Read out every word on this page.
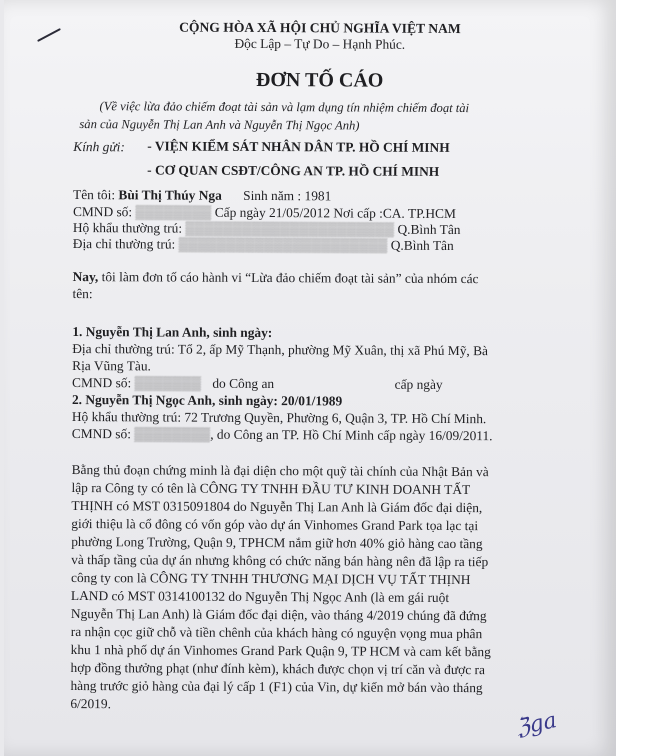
CỘNG HÒA XÃ HỘI CHỦ NGHĨA VIỆT NAM
Độc Lập – Tự Do – Hạnh Phúc.
ĐƠN TỐ CÁO
(Về việc lừa đảo chiếm đoạt tài sản và lạm dụng tín nhiệm chiếm đoạt tài
sản của Nguyễn Thị Lan Anh và Nguyễn Thị Ngọc Anh)
Kính gửi: - VIỆN KIỂM SÁT NHÂN DÂN TP. HỒ CHÍ MINH
- CƠ QUAN CSĐT/CÔNG AN TP. HỒ CHÍ MINH
Tên tôi: Bùi Thị Thúy Nga Sinh năm : 1981
CMND số: ▒▒▒▒▒▒▒▒ Cấp ngày 21/05/2012 Nơi cấp :CA. TP.HCM
Hộ khẩu thường trú: ▒▒▒▒▒▒▒▒▒▒▒▒▒▒▒▒▒▒▒▒▒▒ Q.Bình Tân
Địa chỉ thường trú: ▒▒▒▒▒▒▒▒▒▒▒▒▒▒▒▒▒▒▒▒▒▒ Q.Bình Tân
Nay, tôi làm đơn tố cáo hành vi “Lừa đảo chiếm đoạt tài sản” của nhóm các
tên:
1. Nguyễn Thị Lan Anh, sinh ngày:
Địa chỉ thường trú: Tổ 2, ấp Mỹ Thạnh, phường Mỹ Xuân, thị xã Phú Mỹ, Bà
Rịa Vũng Tàu.
CMND số: ▒▒▒▒▒▒▒ do Công an	cấp ngày
2. Nguyễn Thị Ngọc Anh, sinh ngày: 20/01/1989
Hộ khẩu thường trú: 72 Trương Quyền, Phường 6, Quận 3, TP. Hồ Chí Minh.
CMND số: ▒▒▒▒▒▒▒▒, do Công an TP. Hồ Chí Minh cấp ngày 16/09/2011.
Bằng thủ đoạn chứng minh là đại diện cho một quỹ tài chính của Nhật Bản và
lập ra Công ty có tên là CÔNG TY TNHH ĐẦU TƯ KINH DOANH TẤT
THỊNH có MST 0315091804 do Nguyễn Thị Lan Anh là Giám đốc đại diện,
giới thiệu là cổ đông có vốn góp vào dự án Vinhomes Grand Park tọa lạc tại
phường Long Trường, Quận 9, TPHCM nắm giữ hơn 40% giỏ hàng cao tầng
và thấp tầng của dự án nhưng không có chức năng bán hàng nên đã lập ra tiếp
công ty con là CÔNG TY TNHH THƯƠNG MẠI DỊCH VỤ TẤT THỊNH
LAND có MST 0314100132 do Nguyễn Thị Ngọc Anh (là em gái ruột
Nguyễn Thị Lan Anh) là Giám đốc đại diện, vào tháng 4/2019 chúng đã đứng
ra nhận cọc giữ chỗ và tiền chênh của khách hàng có nguyện vọng mua phân
khu 1 nhà phố dự án Vinhomes Grand Park Quận 9, TP HCM và cam kết bằng
hợp đồng thưởng phạt (như đính kèm), khách được chọn vị trí căn và được ra
hàng trước giỏ hàng của đại lý cấp 1 (F1) của Vin, dự kiến mở bán vào tháng
6/2019.
ℨgа
